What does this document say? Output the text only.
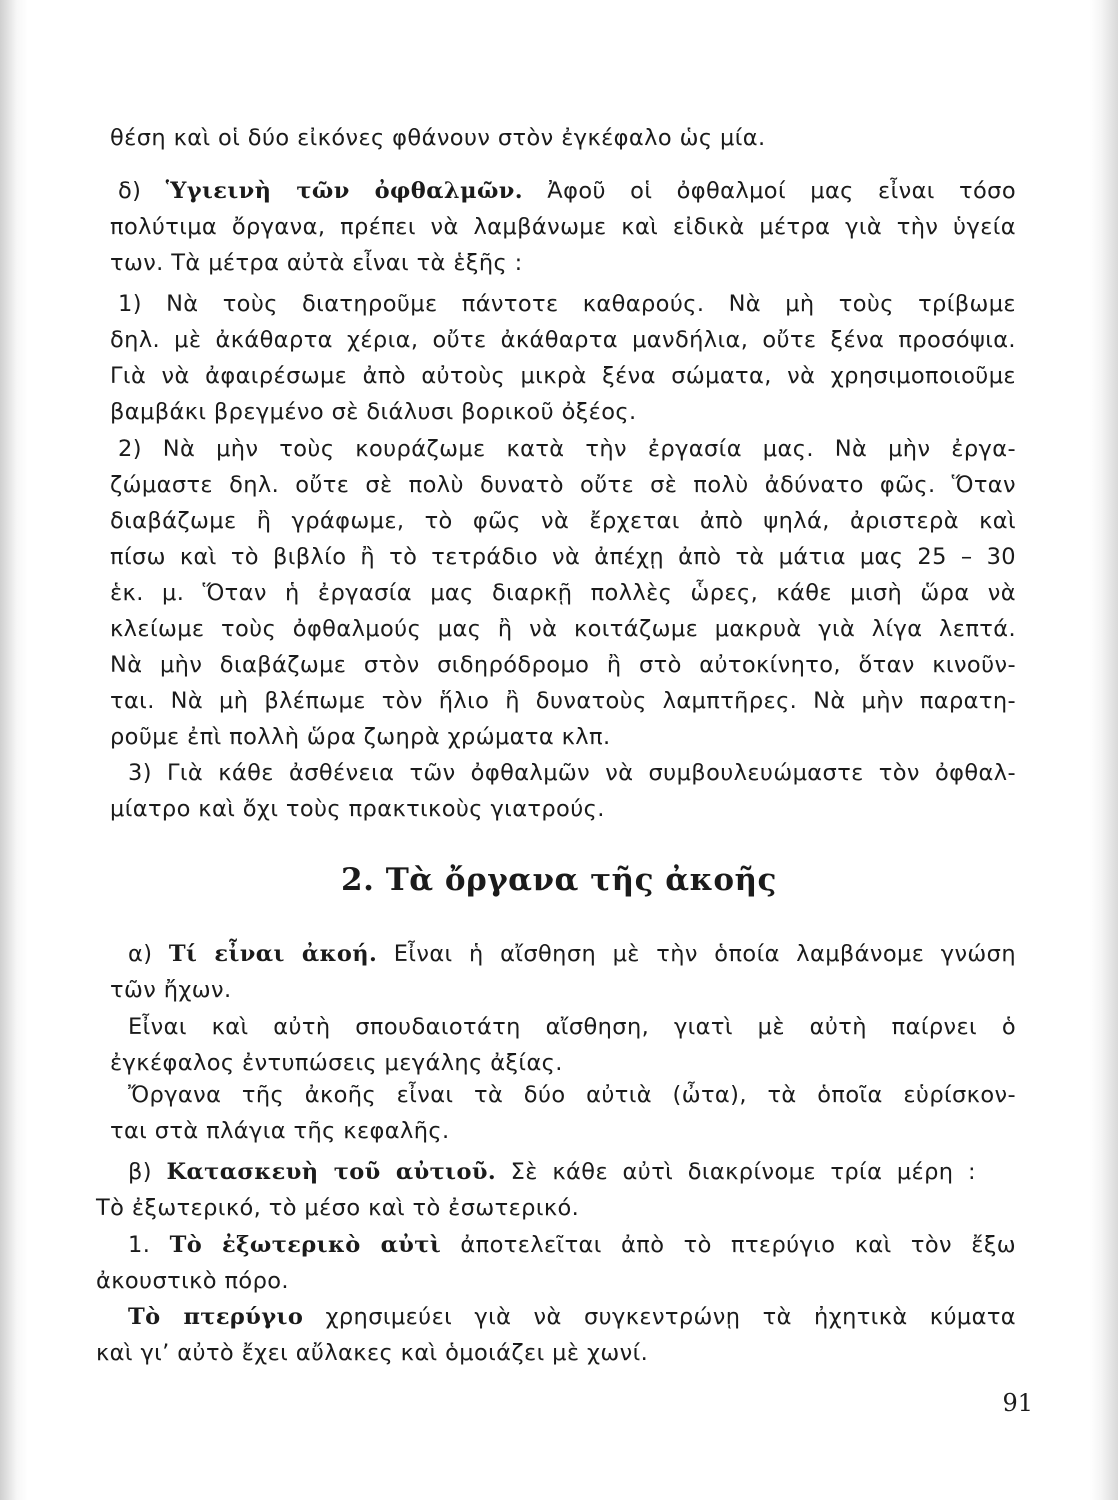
θέση καὶ οἱ δύο εἰκόνες φθάνουν στὸν ἐγκέφαλο ὡς μία.
δ) Ὑγιεινὴ τῶν ὀφθαλμῶν. Ἀφοῦ οἱ ὀφθαλμοί μας εἶναι τόσο
πολύτιμα ὄργανα, πρέπει νὰ λαμβάνωμε καὶ εἰδικὰ μέτρα γιὰ τὴν ὑγεία
των. Τὰ μέτρα αὐτὰ εἶναι τὰ ἑξῆς :
1) Νὰ τοὺς διατηροῦμε πάντοτε καθαρούς. Νὰ μὴ τοὺς τρίβωμε
δηλ. μὲ ἀκάθαρτα χέρια, οὔτε ἀκάθαρτα μανδήλια, οὔτε ξένα προσόψια.
Γιὰ νὰ ἀφαιρέσωμε ἀπὸ αὐτοὺς μικρὰ ξένα σώματα, νὰ χρησιμοποιοῦμε
βαμβάκι βρεγμένο σὲ διάλυσι βορικοῦ ὀξέος.
2) Νὰ μὴν τοὺς κουράζωμε κατὰ τὴν ἐργασία μας. Νὰ μὴν ἐργα-
ζώμαστε δηλ. οὔτε σὲ πολὺ δυνατὸ οὔτε σὲ πολὺ ἀδύνατο φῶς. Ὅταν
διαβάζωμε ἢ γράφωμε, τὸ φῶς νὰ ἔρχεται ἀπὸ ψηλά, ἀριστερὰ καὶ
πίσω καὶ τὸ βιβλίο ἢ τὸ τετράδιο νὰ ἀπέχῃ ἀπὸ τὰ μάτια μας 25 – 30
ἑκ. μ. Ὅταν ἡ ἐργασία μας διαρκῇ πολλὲς ὧρες, κάθε μισὴ ὥρα νὰ
κλείωμε τοὺς ὀφθαλμούς μας ἢ νὰ κοιτάζωμε μακρυὰ γιὰ λίγα λεπτά.
Νὰ μὴν διαβάζωμε στὸν σιδηρόδρομο ἢ στὸ αὐτοκίνητο, ὅταν κινοῦν-
ται. Νὰ μὴ βλέπωμε τὸν ἥλιο ἢ δυνατοὺς λαμπτῆρες. Νὰ μὴν παρατη-
ροῦμε ἐπὶ πολλὴ ὥρα ζωηρὰ χρώματα κλπ.
3) Γιὰ κάθε ἀσθένεια τῶν ὀφθαλμῶν νὰ συμβουλευώμαστε τὸν ὀφθαλ-
μίατρο καὶ ὄχι τοὺς πρακτικοὺς γιατρούς.
2. Τὰ ὄργανα τῆς ἀκοῆς
α) Τί εἶναι ἀκοή. Εἶναι ἡ αἴσθηση μὲ τὴν ὁποία λαμβάνομε γνώση
τῶν ἤχων.
Εἶναι καὶ αὐτὴ σπουδαιοτάτη αἴσθηση, γιατὶ μὲ αὐτὴ παίρνει ὁ
ἐγκέφαλος ἐντυπώσεις μεγάλης ἀξίας.
Ὄργανα τῆς ἀκοῆς εἶναι τὰ δύο αὐτιὰ (ὦτα), τὰ ὁποῖα εὑρίσκον-
ται στὰ πλάγια τῆς κεφαλῆς.
β) Κατασκευὴ τοῦ αὐτιοῦ. Σὲ κάθε αὐτὶ διακρίνομε τρία μέρη :
Τὸ ἐξωτερικό, τὸ μέσο καὶ τὸ ἐσωτερικό.
1. Τὸ ἐξωτερικὸ αὐτὶ ἀποτελεῖται ἀπὸ τὸ πτερύγιο καὶ τὸν ἔξω
ἀκουστικὸ πόρο.
Τὸ πτερύγιο χρησιμεύει γιὰ νὰ συγκεντρώνῃ τὰ ἠχητικὰ κύματα
καὶ γι’ αὐτὸ ἔχει αὔλακες καὶ ὁμοιάζει μὲ χωνί.
91
